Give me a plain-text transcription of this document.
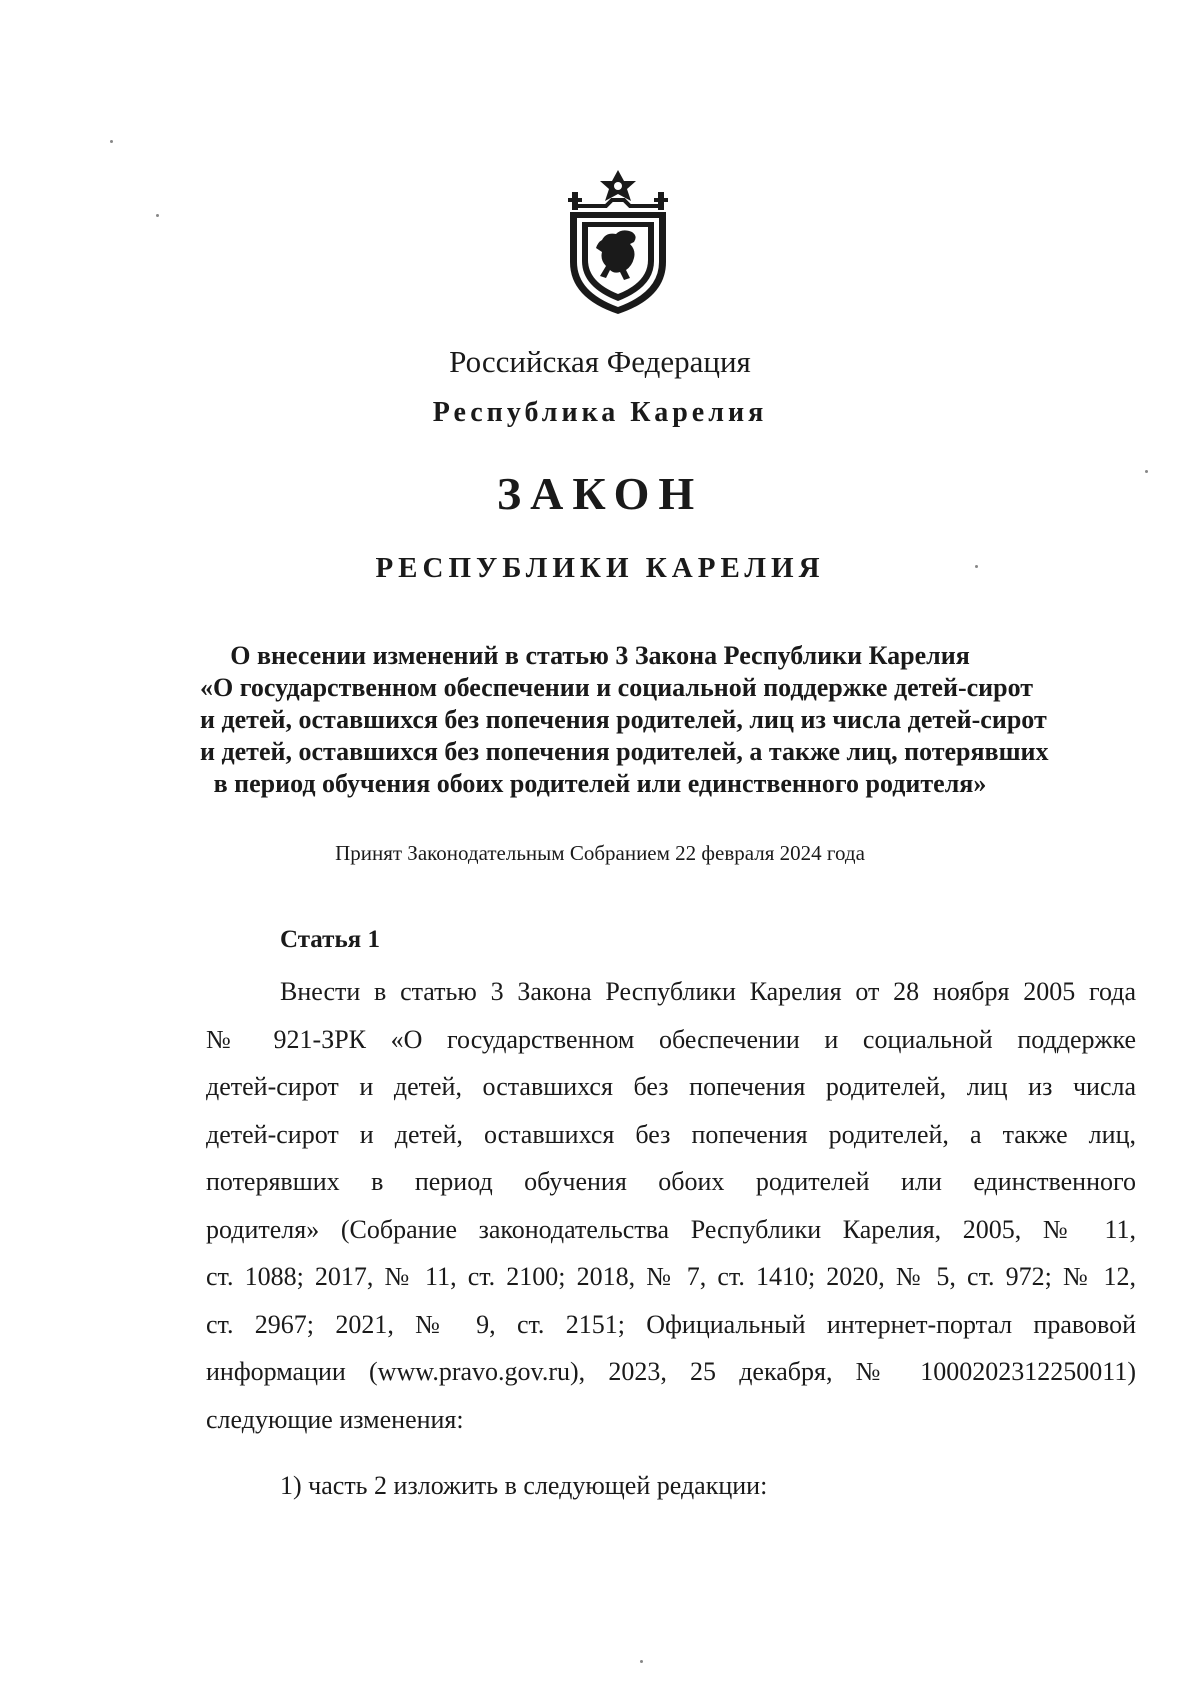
Российская Федерация
Республика Карелия
ЗАКОН
РЕСПУБЛИКИ КАРЕЛИЯ
О внесении изменений в статью 3 Закона Республики Карелия
«О государственном обеспечении и социальной поддержке детей-сирот
и детей, оставшихся без попечения родителей, лиц из числа детей-сирот
и детей, оставшихся без попечения родителей, а также лиц, потерявших
в период обучения обоих родителей или единственного родителя»
Принят Законодательным Собранием 22 февраля 2024 года
Статья 1
Внести в статью 3 Закона Республики Карелия от 28 ноября 2005 года
№ 921-ЗРК «О государственном обеспечении и социальной поддержке
детей-сирот и детей, оставшихся без попечения родителей, лиц из числа
детей-сирот и детей, оставшихся без попечения родителей, а также лиц,
потерявших в период обучения обоих родителей или единственного
родителя» (Собрание законодательства Республики Карелия, 2005, № 11,
ст. 1088; 2017, № 11, ст. 2100; 2018, № 7, ст. 1410; 2020, № 5, ст. 972; № 12,
ст. 2967; 2021, № 9, ст. 2151; Официальный интернет-портал правовой
информации (www.pravo.gov.ru), 2023, 25 декабря, № 1000202312250011)
следующие изменения:
1) часть 2 изложить в следующей редакции:
